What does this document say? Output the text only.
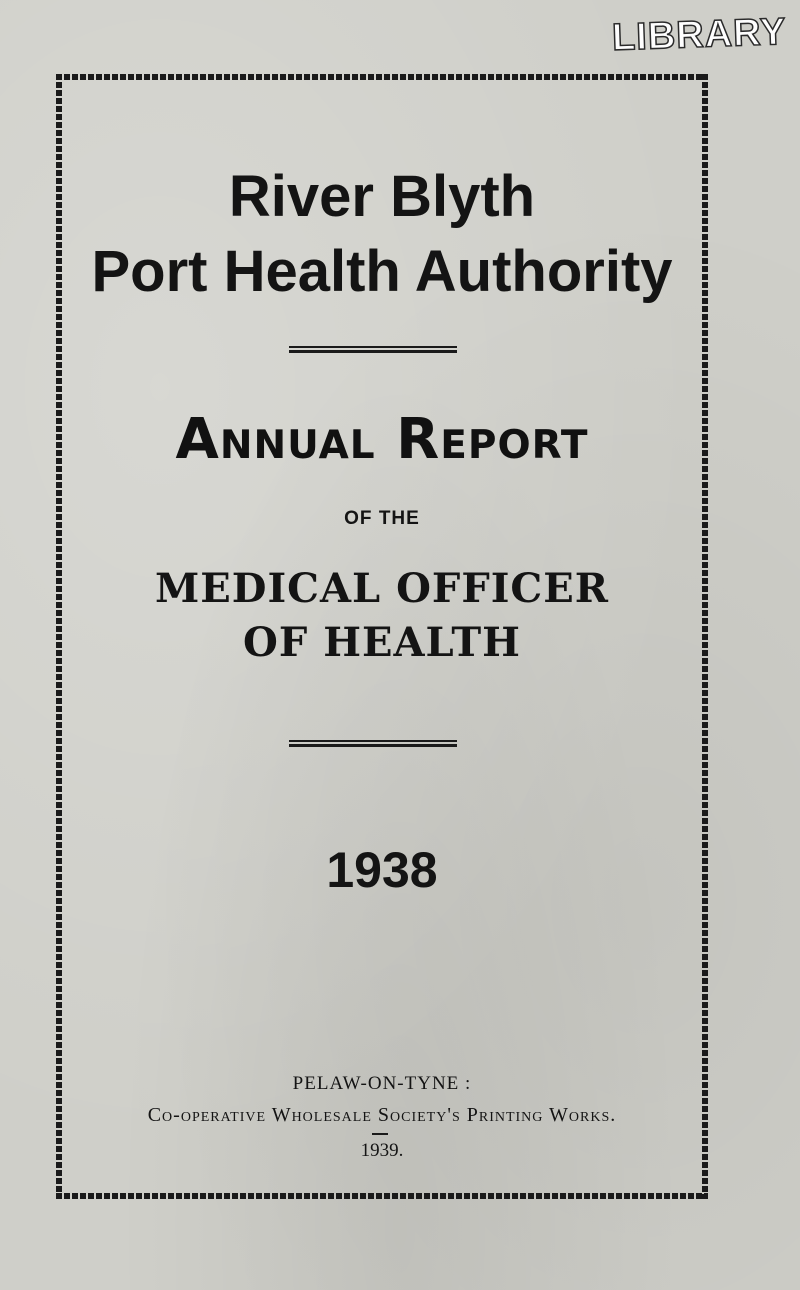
LIBRARY
River Blyth
Port Health Authority
Annual Report
OF THE
MEDICAL OFFICER
OF HEALTH
1938
PELAW-ON-TYNE :
Co-operative Wholesale Society's Printing Works.
1939.
